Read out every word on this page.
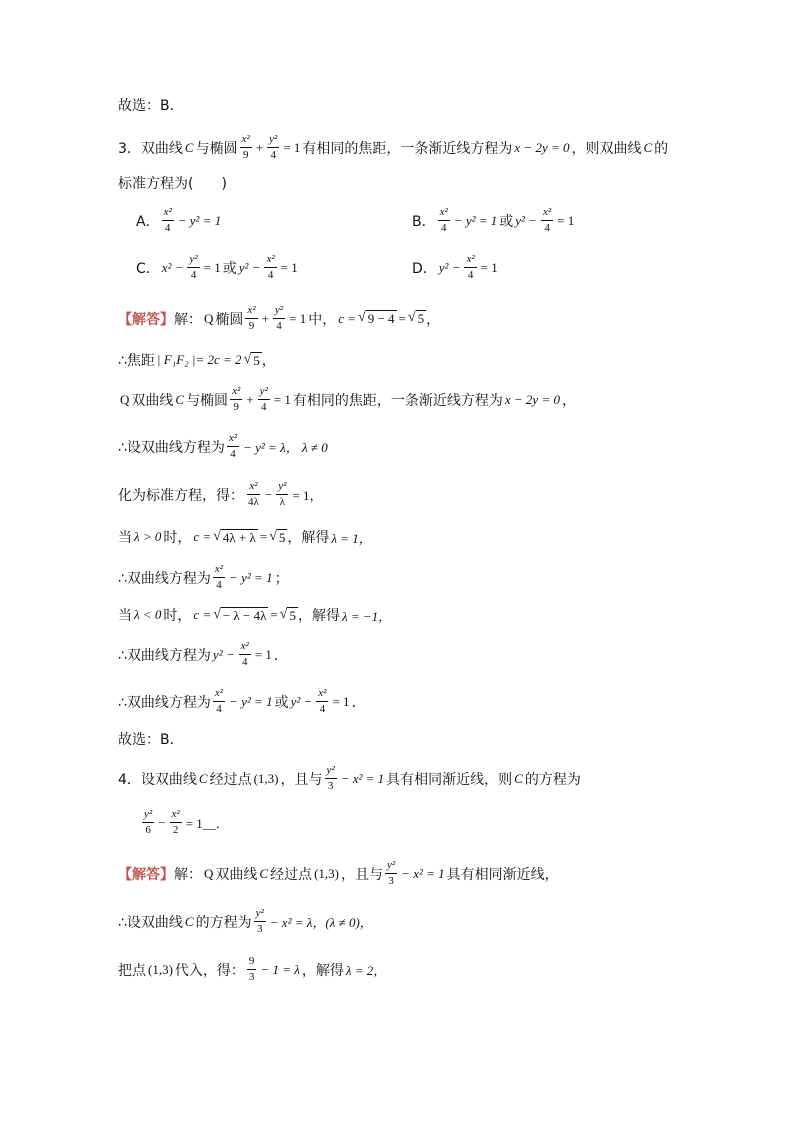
故选：B．
3．双曲线 C 与椭圆 $\frac{\text{x²}}{9} + \frac{\text{y²}}{4} = 1$ 有相同的焦距，一条渐近线方程为 x − 2y = 0 ，则双曲线 C 的
标准方程为(　　)
A． $\frac{\text{x²}}{4} - y^2 = 1$	B． $\frac{\text{x²}}{4} - y^2 = 1$ 或 $y^2 - \frac{\text{x²}}{4} = 1$
C． $x^2 - \frac{\text{y²}}{4} = 1$ 或 $y^2 - \frac{\text{x²}}{4} = 1$	D． $y^2 - \frac{\text{x²}}{4} = 1$
【解答】 解： Q 椭圆 $\frac{\text{x²}}{9} + \frac{\text{y²}}{4} = 1$ 中， c = √ 9 − 4 = √ 5 ，
∴焦距 | F₁F₂ |= 2c = 2 √ 5 ，
Q 双曲线 C 与椭圆 $\frac{\text{x²}}{9} + \frac{\text{y²}}{4} = 1$ 有相同的焦距，一条渐近线方程为 x − 2y = 0 ，
∴设双曲线方程为 $\frac{\text{x²}}{4} - y^2 = \lambda$， λ ≠ 0
化为标准方程，得： $\frac{\text{x²}}{4\lambda} - \frac{\text{y²}}{\lambda} = 1$，
当 λ > 0 时， c = √ 4λ + λ = √ 5 ，解得 λ = 1，
∴双曲线方程为 $\frac{\text{x²}}{4} - y^2 = 1$ ；
当 λ < 0 时， c = √ − λ − 4λ = √ 5 ，解得 λ = −1，
∴双曲线方程为 $y^2 - \frac{\text{x²}}{4} = 1$ ．
∴双曲线方程为 $\frac{\text{x²}}{4} - y^2 = 1$ 或 $y^2 - \frac{\text{x²}}{4} = 1$ ．
故选：B．
4．设双曲线 C 经过点 (1,3) ，且与 $\frac{\text{y²}}{3} - x^2 = 1$ 具有相同渐近线，则 C 的方程为
$\frac{\text{y²}}{6} - \frac{\text{x²}}{2}$ = 1__．
【解答】 解： Q 双曲线 C 经过点 (1,3) ，且与 $\frac{\text{y²}}{3} - x^2 = 1$ 具有相同渐近线，
∴设双曲线 C 的方程为 $\frac{\text{y²}}{3} - x^2 = \lambda$，(λ ≠ 0)，
把点 (1,3) 代入，得： $\frac{9}{3} - 1 = \lambda$ ，解得 λ = 2，
